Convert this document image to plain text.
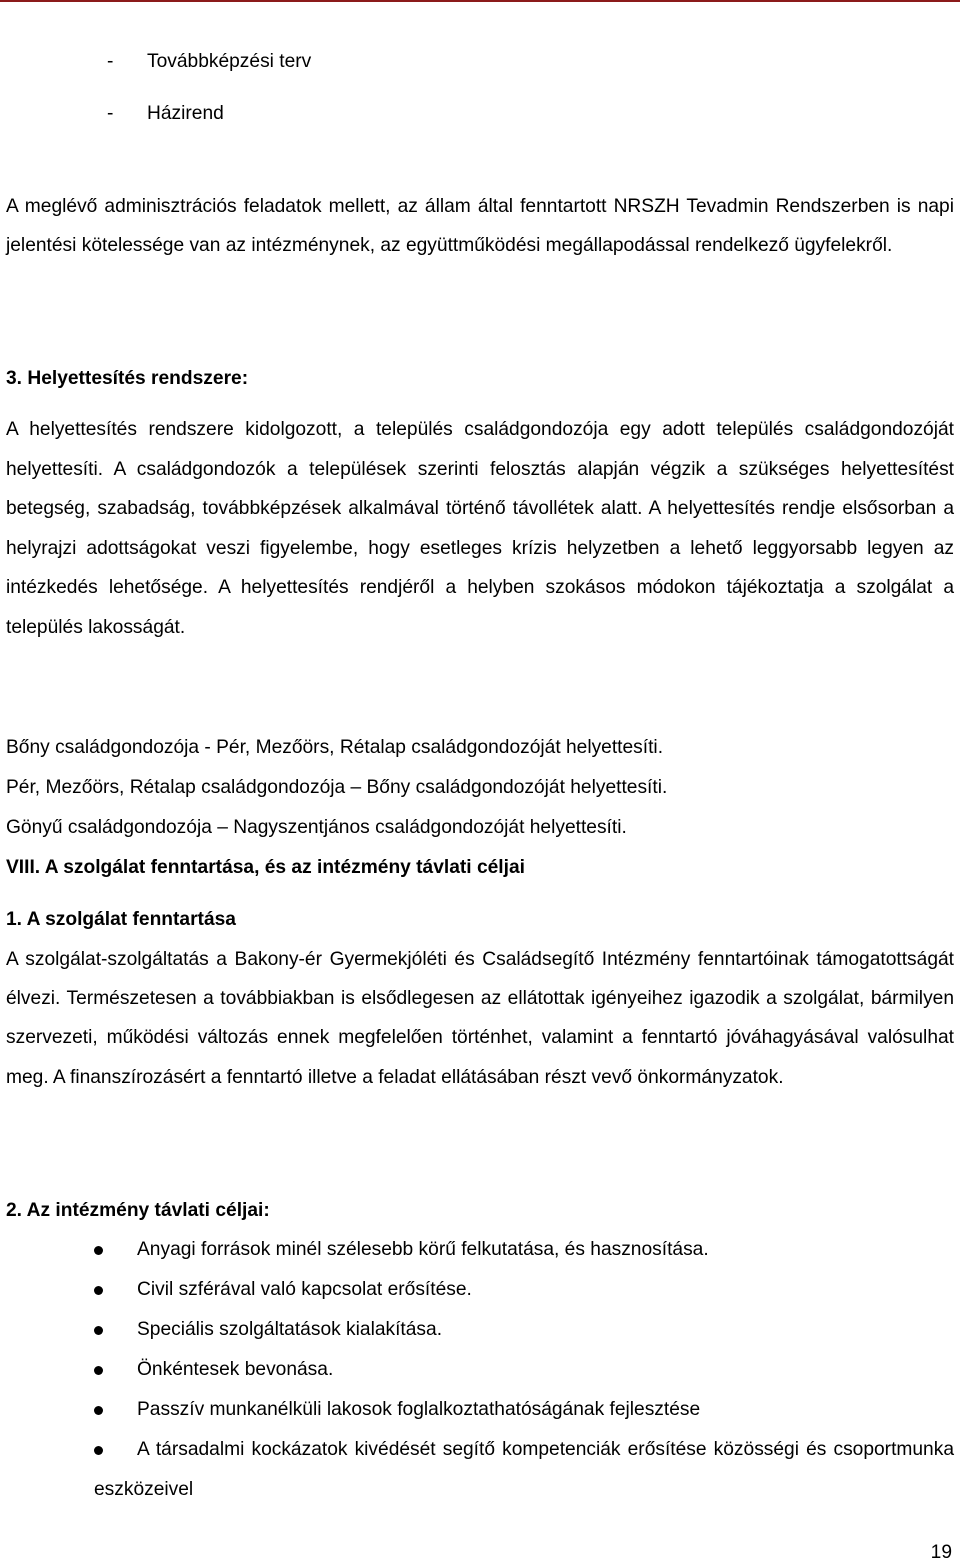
- Továbbképzési terv
- Házirend

A meglévő adminisztrációs feladatok mellett, az állam által fenntartott NRSZH Tevadmin Rendszerben is napi jelentési kötelessége van az intézménynek, az együttműködési megállapodással rendelkező ügyfelekről.

3. Helyettesítés rendszere:

A helyettesítés rendszere kidolgozott, a település családgondozója egy adott település családgondozóját helyettesíti. A családgondozók a települések szerinti felosztás alapján végzik a szükséges helyettesítést betegség, szabadság, továbbképzések alkalmával történő távollétek alatt. A helyettesítés rendje elsősorban a helyrajzi adottságokat veszi figyelembe, hogy esetleges krízis helyzetben a lehető leggyorsabb legyen az intézkedés lehetősége. A helyettesítés rendjéről a helyben szokásos módokon tájékoztatja a szolgálat a település lakosságát.

Bőny családgondozója - Pér, Mezőörs, Rétalap családgondozóját helyettesíti.
Pér, Mezőörs, Rétalap családgondozója – Bőny családgondozóját helyettesíti.
Gönyű családgondozója – Nagyszentjános családgondozóját helyettesíti.
VIII. A szolgálat fenntartása, és az intézmény távlati céljai
1. A szolgálat fenntartása

A szolgálat-szolgáltatás a Bakony-ér Gyermekjóléti és Családsegítő Intézmény fenntartóinak támogatottságát élvezi. Természetesen a továbbiakban is elsődlegesen az ellátottak igényeihez igazodik a szolgálat, bármilyen szervezeti, működési változás ennek megfelelően történhet, valamint a fenntartó jóváhagyásával valósulhat meg. A finanszírozásért a fenntartó illetve a feladat ellátásában részt vevő önkormányzatok.

2. Az intézmény távlati céljai:
Anyagi források minél szélesebb körű felkutatása, és hasznosítása.
Civil szférával való kapcsolat erősítése.
Speciális szolgáltatások kialakítása.
Önkéntesek bevonása.
Passzív munkanélküli lakosok foglalkoztathatóságának fejlesztése
A társadalmi kockázatok kivédését segítő kompetenciák erősítése közösségi és csoportmunka eszközeivel
19
